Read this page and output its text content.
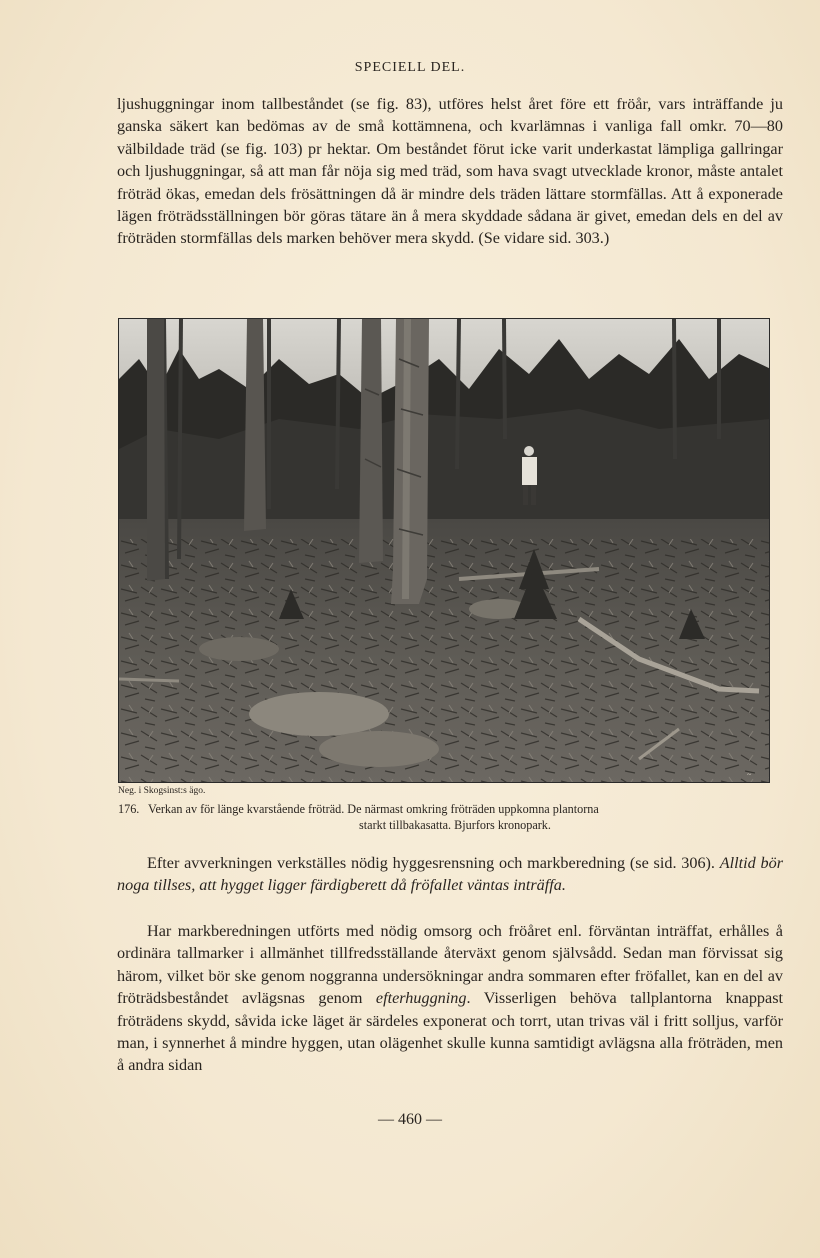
SPECIELL DEL.

ljushuggningar inom tallbeståndet (se fig. 83), utföres helst året före ett fröår, vars inträffande ju ganska säkert kan bedömas av de små kottämnena, och kvarlämnas i vanliga fall omkr. 70—80 välbildade träd (se fig. 103) pr hektar. Om beståndet förut icke varit underkastat lämpliga gallringar och ljushuggningar, så att man får nöja sig med träd, som hava svagt utvecklade kronor, måste antalet fröträd ökas, emedan dels frösättningen då är mindre dels träden lättare stormfällas. Att å exponerade lägen fröträdsställningen bör göras tätare än å mera skyddade sådana är givet, emedan dels en del av fröträden stormfällas dels marken behöver mera skydd. (Se vidare sid. 303.)

~
Neg. i Skogsinst:s ägo.
176. Verkan av för länge kvarstående fröträd. De närmast omkring fröträden uppkomna plantorna
starkt tillbakasatta. Bjurfors kronopark.

Efter avverkningen verkställes nödig hyggesrensning och markberedning (se sid. 306). Alltid bör noga tillses, att hygget ligger färdigberett då fröfallet väntas inträffa.

Har markberedningen utförts med nödig omsorg och fröåret enl. förväntan inträffat, erhålles å ordinära tallmarker i allmänhet tillfredsställande återväxt genom självsådd. Sedan man förvissat sig härom, vilket bör ske genom noggranna undersökningar andra sommaren efter fröfallet, kan en del av fröträdsbeståndet avlägsnas genom efterhuggning. Visserligen behöva tallplantorna knappast fröträdens skydd, såvida icke läget är särdeles exponerat och torrt, utan trivas väl i fritt solljus, varför man, i synnerhet å mindre hyggen, utan olägenhet skulle kunna samtidigt avlägsna alla fröträden, men å andra sidan

— 460 —
